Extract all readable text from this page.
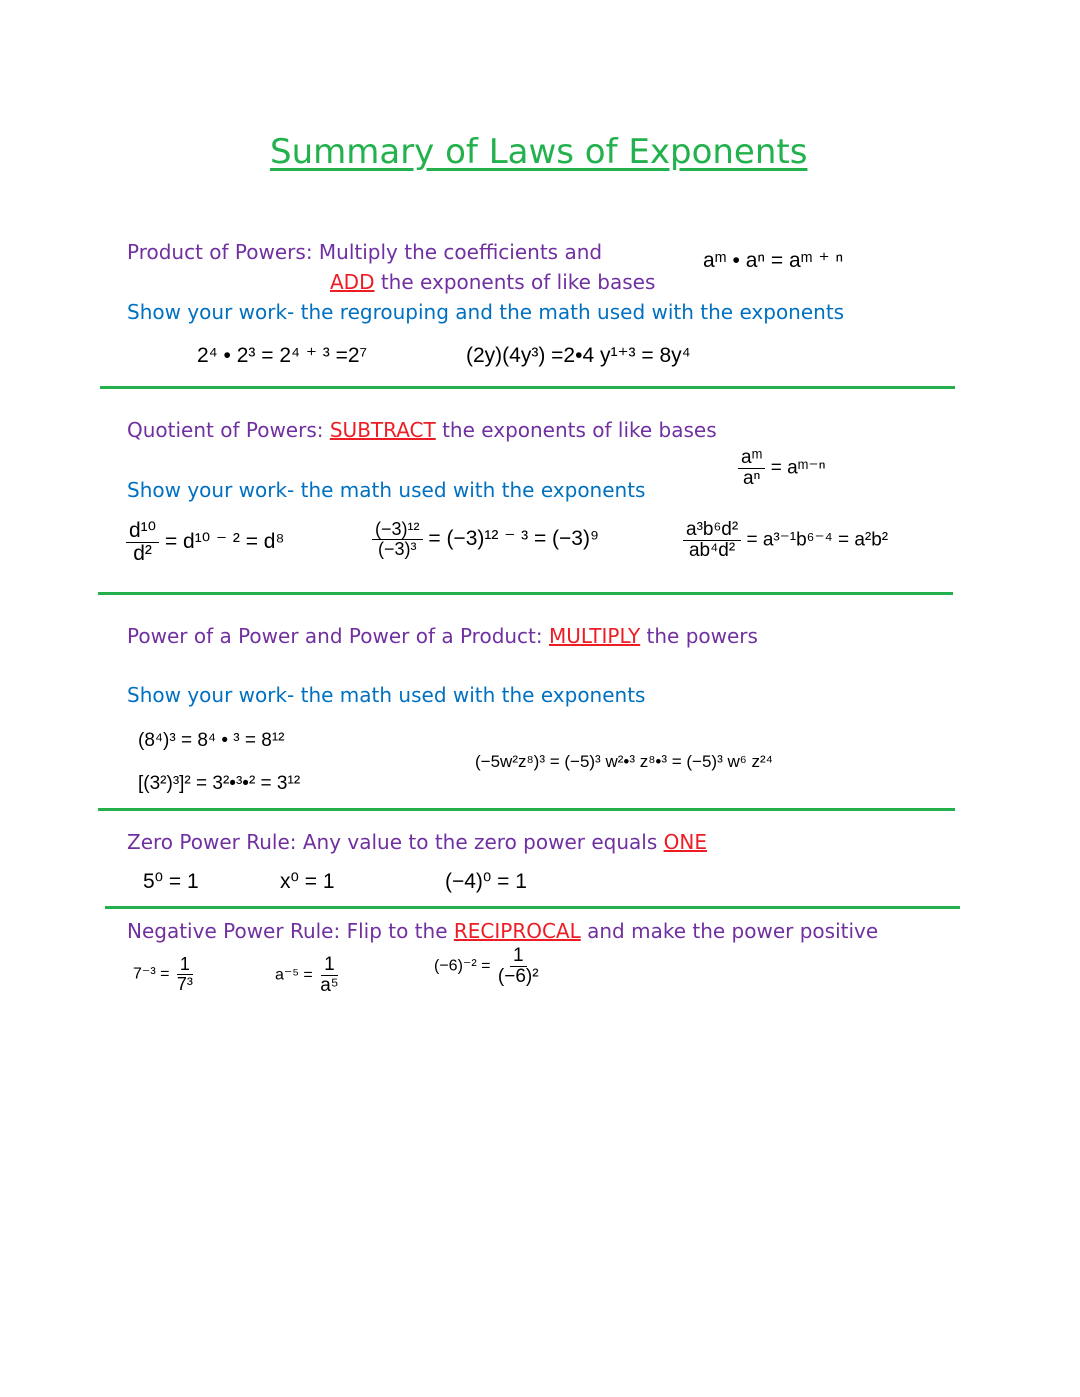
Summary of Laws of Exponents
Product of Powers: Multiply the coefficients and
ADD the exponents of like bases
aᵐ • aⁿ = aᵐ ⁺ ⁿ
Show your work- the regrouping and the math used with the exponents
2⁴ • 2³ = 2⁴ ⁺ ³ =2⁷	(2y)(4y³) =2•4 y¹⁺³ = 8y⁴
Quotient of Powers: SUBTRACT the exponents of like bases
$\frac{\text{aᵐ}}{\text{aⁿ}}$ = aᵐ⁻ⁿ
Show your work- the math used with the exponents
$\frac{\text{d¹⁰}}{\text{d²}} = d^{10}$ ⁻ ² = d⁸	$\frac{\text{(−3)¹²}}{\text{(−3)³}} = (-3)^{12}$ ⁻ ³ = (−3)⁹	$\frac{\text{a³b⁶d²}}{\text{ab⁴d²}} = a^{3-1}b^{6-4} = a^2b^2$
Power of a Power and Power of a Product: MULTIPLY the powers
Show your work- the math used with the exponents
(8⁴)³ = 8⁴ • ³ = 8¹²
[(3²)³]² = 3²•³•² = 3¹²
(−5w²z⁸)³ = (−5)³ w²•³ z⁸•³ = (−5)³ w⁶ z²⁴
Zero Power Rule: Any value to the zero power equals ONE
5⁰ = 1	x⁰ = 1	(−4)⁰ = 1
Negative Power Rule: Flip to the RECIPROCAL and make the power positive
$7^{-3} = \frac{1}{\text{7³}}$	$a^{-5} = \frac{1}{\text{a⁵}}$	$(-6)^{-2} = \frac{1}{\text{(−6)²}}$
